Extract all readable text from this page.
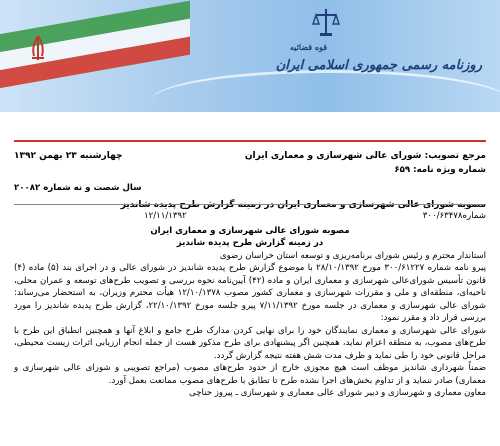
قوه قضائیه
روزنامه رسمی جمهوری اسلامی ایران
مرجع تصویب: شورای عالی شهرسازی و معماری ایران
چهارشنبه ۲۳ بهمن ۱۳۹۲
شماره ویژه نامه: ۶۵۹
سال شصت و نه شماره ۲۰۰۸۲
شماره۳۰۰/۶۳۴۷۸
۱۲/۱۱/۱۳۹۲
مصوبه شورای عالی شهرسازی و معماری ایران
در زمینه گزارش طرح پدیده شاندیز
استاندار محترم و رئیس شورای برنامه‌ریزی و توسعه استان خراسان رضوی
پیرو نامه شماره ۳۰۰/۶۱۲۲۷ مورخ ۲۸/۱۰/۱۳۹۲ با موضوع گزارش طرح پدیده شاندیز در شورای عالی و در اجرای بند (۵) ماده (۴) قانون تأسیس شورای‌عالی شهرسازی و معماری ایران و ماده (۴۲) آیین‌نامه نحوه بررسی و تصویب طرح‌های توسعه و عمران محلی، ناحیه‌ای، منطقه‌ای و ملی و مقررات شهرسازی و معماری کشور مصوب ۱۲/۱۰/۱۳۷۸ هیأت محترم وزیران، به استحضار می‌رساند: شورای عالی شهرسازی و معماری در جلسه مورخ ۷/۱۱/۱۳۹۲ پیرو جلسه مورخ ۲۲/۱۰/۱۳۹۲، گزارش طرح پدیده شاندیز را مورد بررسی قرار داد و مقرر نمود:
شورای عالی شهرسازی و معماری نمایندگان خود را برای نهایی کردن مدارک طرح جامع و ابلاغ آنها و همچنین انطباق این طرح با طرح‌های مصوب، به منطقه اعزام نماید، همچنین اگر پیشنهادی برای طرح مذکور هست از جمله انجام ارزیابی اثرات زیست محیطی، مراحل قانونی خود را طی نماید و ظرف مدت شش هفته نتیجه گزارش گردد.
ضمناً شهرداری شاندیز موظف است هیچ مجوزی خارج از حدود طرح‌های مصوب (مراجع تصویبی و شورای عالی شهرسازی و معماری) صادر ننماید و از تداوم بخش‌های اجرا نشده طرح تا تطابق با طرح‌های مصوب ممانعت بعمل آورد.
معاون معماری و شهرسازی و دبیر شورای عالی معماری و شهرسازی ـ پیروز حناچی
